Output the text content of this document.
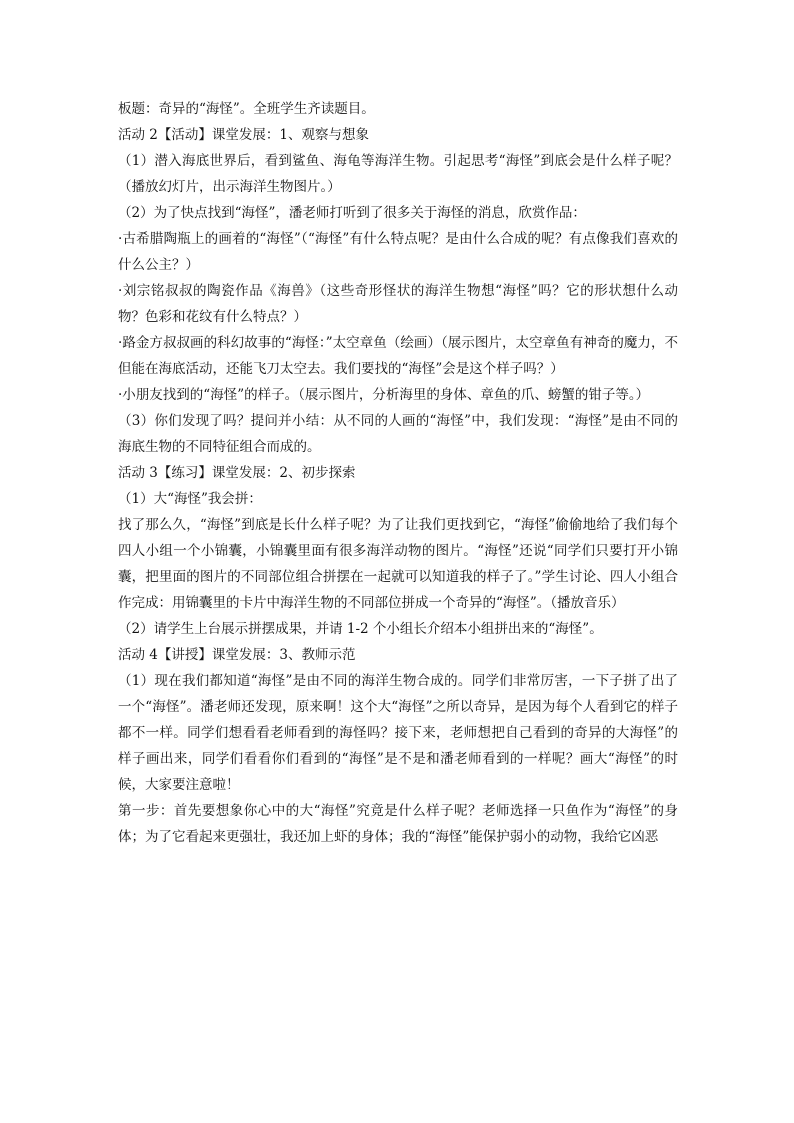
板题：奇异的“海怪”。全班学生齐读题目。

活动 2【活动】课堂发展：1、观察与想象

（1）潜入海底世界后，看到鲨鱼、海龟等海洋生物。引起思考“海怪”到底会是什么样子呢？（播放幻灯片，出示海洋生物图片。）

（2）为了快点找到“海怪”，潘老师打听到了很多关于海怪的消息，欣赏作品：

·古希腊陶瓶上的画着的“海怪”（“海怪”有什么特点呢？是由什么合成的呢？有点像我们喜欢的什么公主？）

·刘宗铭叔叔的陶瓷作品《海兽》（这些奇形怪状的海洋生物想“海怪”吗？它的形状想什么动物？色彩和花纹有什么特点？）

·路金方叔叔画的科幻故事的“海怪：”太空章鱼（绘画）（展示图片，太空章鱼有神奇的魔力，不但能在海底活动，还能飞刀太空去。我们要找的“海怪”会是这个样子吗？）

·小朋友找到的“海怪”的样子。（展示图片，分析海里的身体、章鱼的爪、螃蟹的钳子等。）

（3）你们发现了吗？提问并小结：从不同的人画的“海怪”中，我们发现：“海怪”是由不同的海底生物的不同特征组合而成的。

活动 3【练习】课堂发展：2、初步探索

（1）大“海怪”我会拼：

找了那么久，“海怪”到底是长什么样子呢？为了让我们更找到它，“海怪”偷偷地给了我们每个四人小组一个小锦囊，小锦囊里面有很多海洋动物的图片。“海怪”还说“同学们只要打开小锦囊，把里面的图片的不同部位组合拼摆在一起就可以知道我的样子了。”学生讨论、四人小组合作完成：用锦囊里的卡片中海洋生物的不同部位拼成一个奇异的“海怪”。（播放音乐）

（2）请学生上台展示拼摆成果，并请 1-2 个小组长介绍本小组拼出来的“海怪”。

活动 4【讲授】课堂发展：3、教师示范

（1）现在我们都知道“海怪”是由不同的海洋生物合成的。同学们非常厉害，一下子拼了出了一个“海怪”。潘老师还发现，原来啊！这个大“海怪”之所以奇异，是因为每个人看到它的样子都不一样。同学们想看看老师看到的海怪吗？接下来，老师想把自己看到的奇异的大海怪”的样子画出来，同学们看看你们看到的“海怪”是不是和潘老师看到的一样呢？画大“海怪”的时候，大家要注意啦！

第一步：首先要想象你心中的大“海怪”究竟是什么样子呢？老师选择一只鱼作为“海怪”的身体；为了它看起来更强壮，我还加上虾的身体；我的“海怪”能保护弱小的动物，我给它凶恶
